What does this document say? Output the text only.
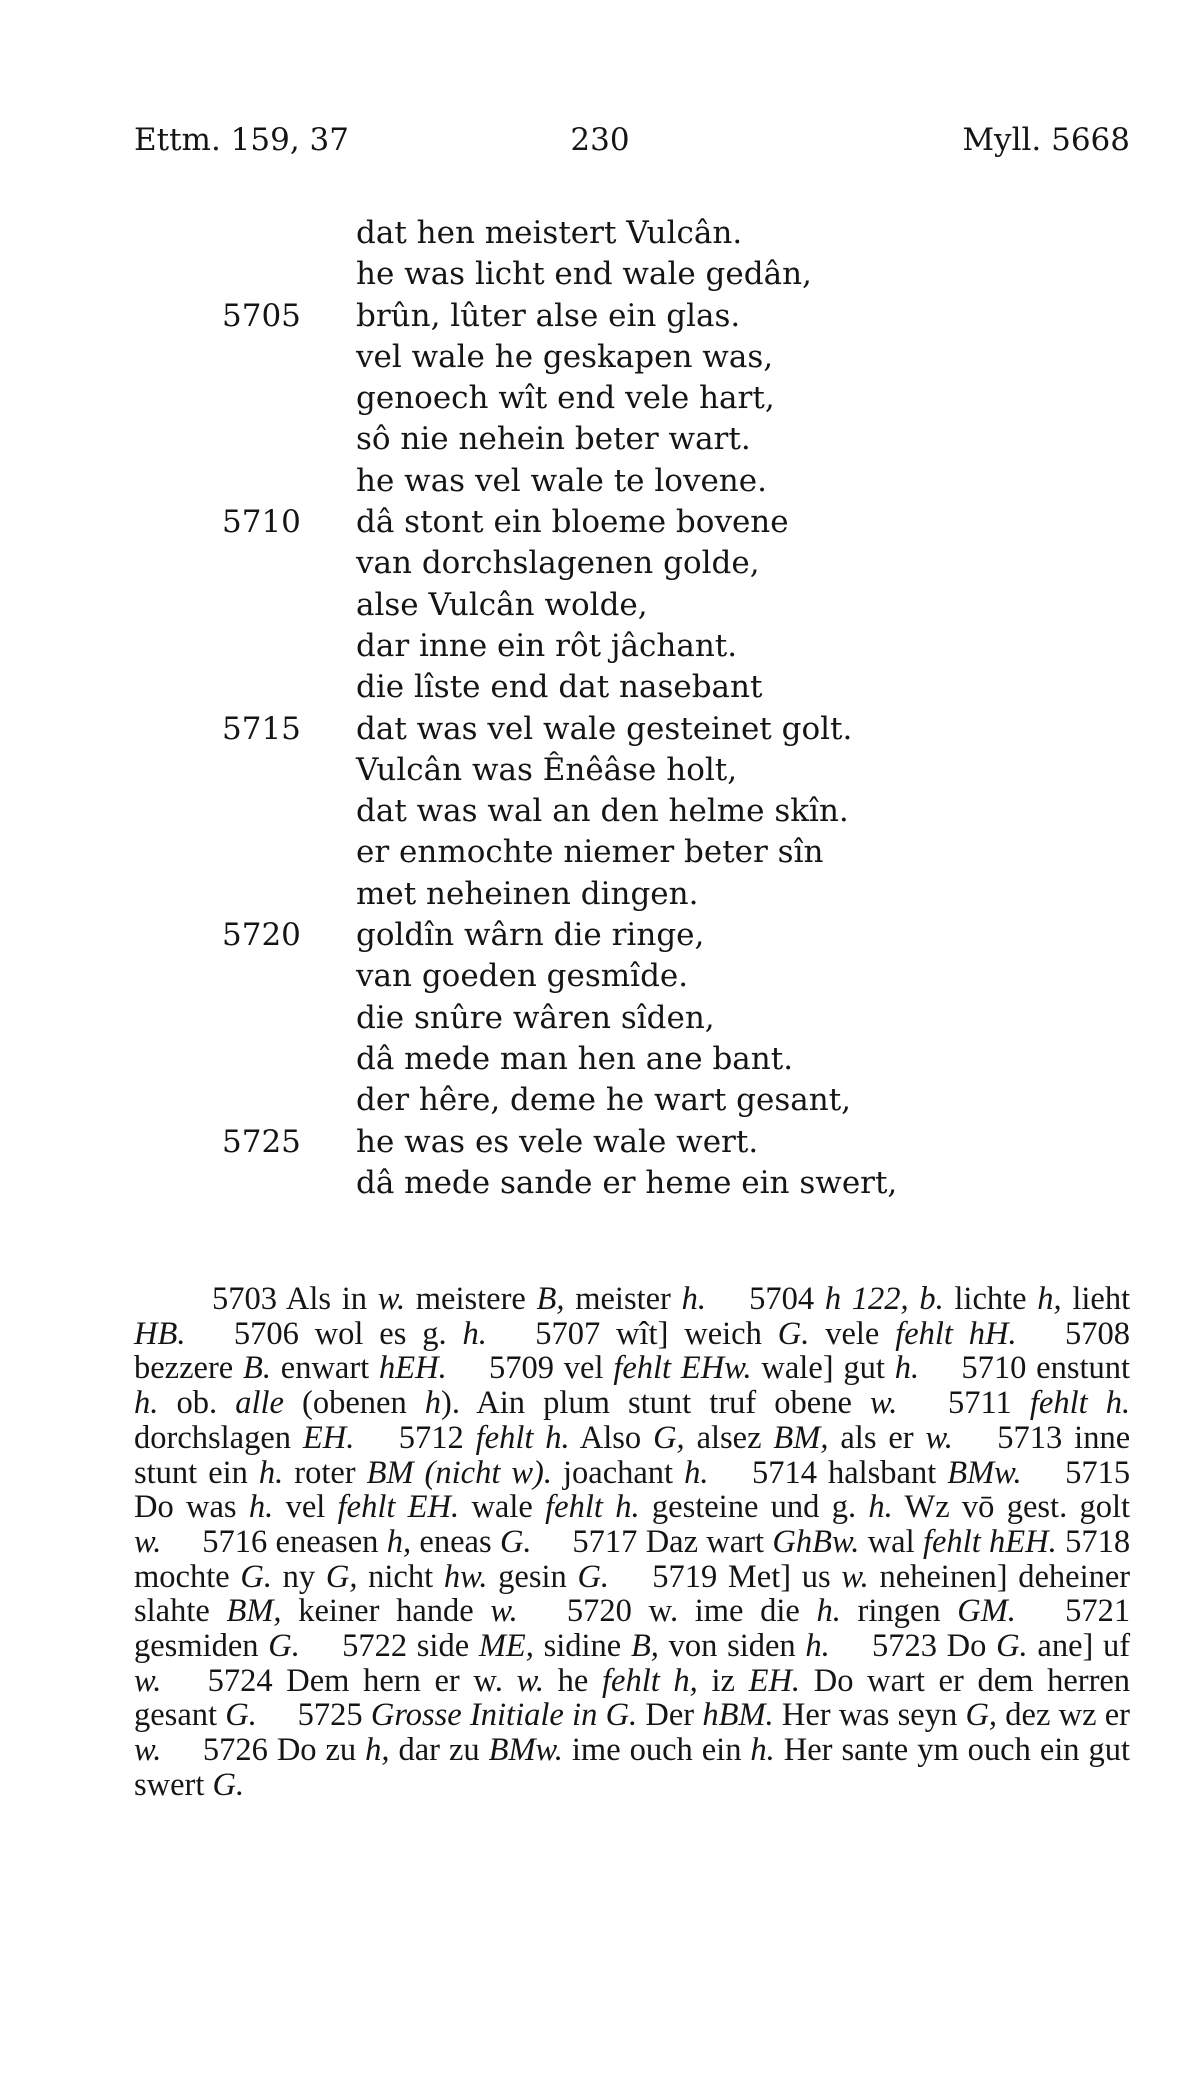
Ettm. 159, 37	230	Myll. 5668
dat hen meistert Vulcân.
he was licht end wale gedân,
5705	brûn, lûter alse ein glas.
vel wale he geskapen was,
genoech wît end vele hart,
sô nie nehein beter wart.
he was vel wale te lovene.
5710	dâ stont ein bloeme bovene
van dorchslagenen golde,
alse Vulcân wolde,
dar inne ein rôt jâchant.
die lîste end dat nasebant
5715	dat was vel wale gesteinet golt.
Vulcân was Ênêâse holt,
dat was wal an den helme skîn.
er enmochte niemer beter sîn
met neheinen dingen.
5720	goldîn wârn die ringe,
van goeden gesmîde.
die snûre wâren sîden,
dâ mede man hen ane bant.
der hêre, deme he wart gesant,
5725	he was es vele wale wert.
dâ mede sande er heme ein swert,

5703 Als in w. meistere B, meister h.  5704 h 122, b. lichte h, lieht HB.  5706 wol es g. h.  5707 wît] weich G. vele fehlt hH.  5708 bezzere B. enwart hEH.  5709 vel fehlt EHw. wale] gut h.  5710 enstunt h. ob. alle (obenen h). Ain plum stunt truf obene w.  5711 fehlt h. dorchslagen EH.  5712 fehlt h. Also G, alsez BM, als er w.  5713 inne stunt ein h. roter BM (nicht w). joachant h.  5714 halsbant BMw.  5715 Do was h. vel fehlt EH. wale fehlt h. gesteine und g. h. Wz vō gest. golt w.  5716 eneasen h, eneas G.  5717 Daz wart GhBw. wal fehlt hEH. 5718 mochte G. ny G, nicht hw. gesin G.  5719 Met] us w. neheinen] deheiner slahte BM, keiner hande w.  5720 w. ime die h. ringen GM.  5721 gesmiden G.  5722 side ME, sidine B, von siden h.  5723 Do G. ane] uf w.  5724 Dem hern er w. w. he fehlt h, iz EH. Do wart er dem herren gesant G.  5725 Grosse Initiale in G. Der hBM. Her was seyn G, dez wz er w.  5726 Do zu h, dar zu BMw. ime ouch ein h. Her sante ym ouch ein gut swert G.
